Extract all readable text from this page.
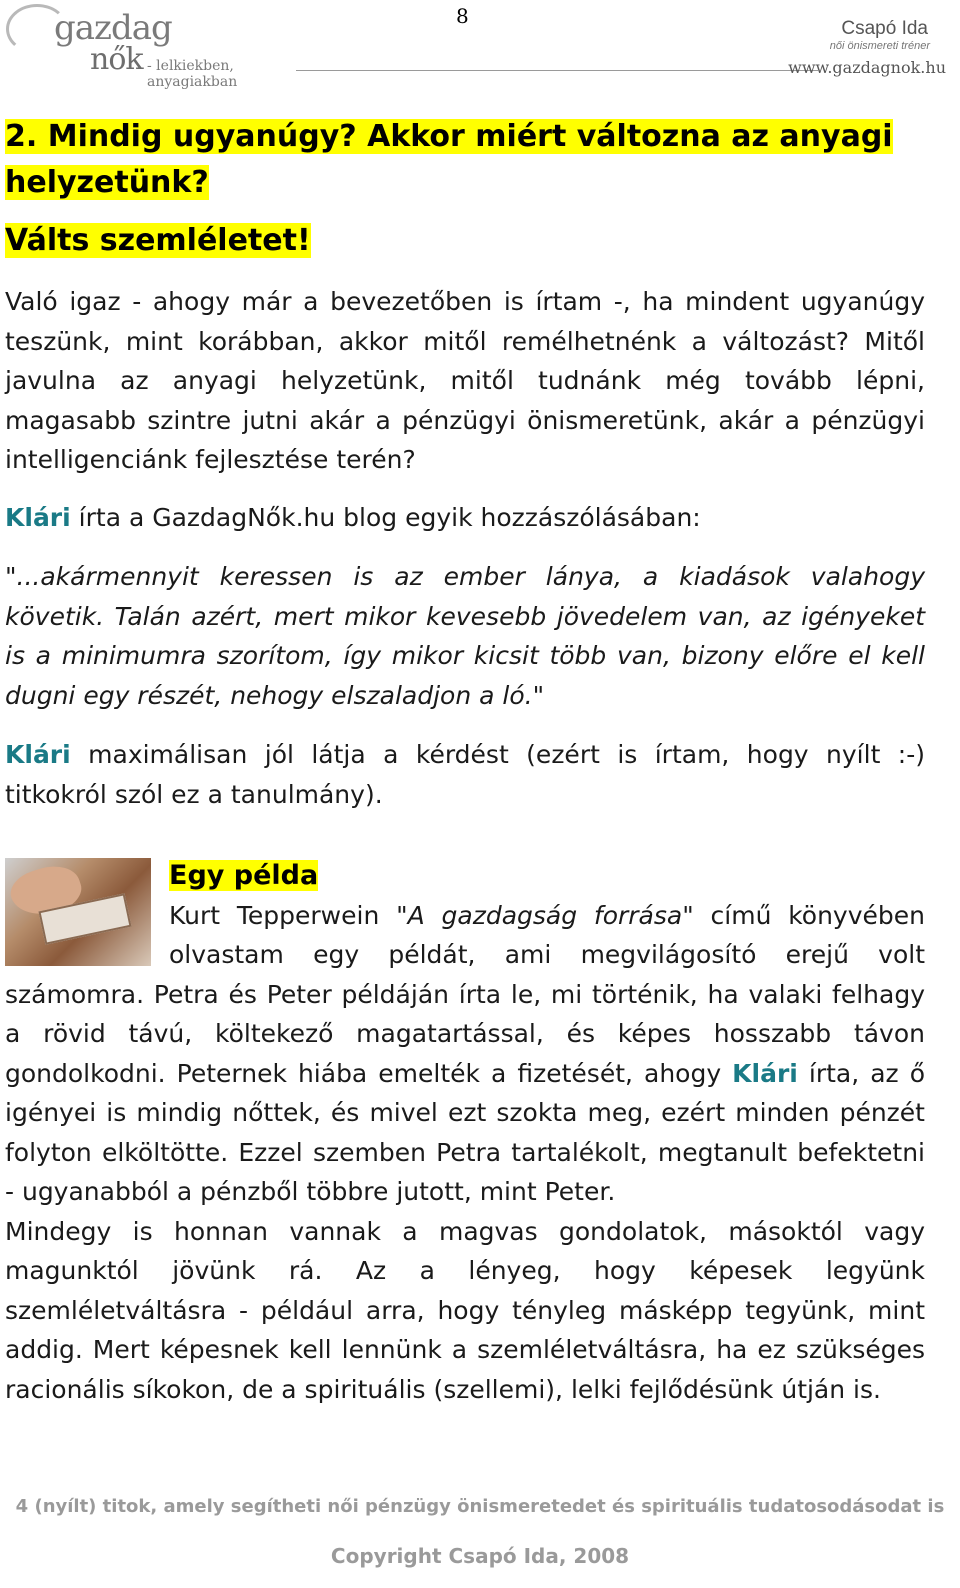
gazdag
nők - lelkiekben, anyagiakban
8
Csapó Ida
női önismereti tréner
www.gazdagnok.hu
2. Mindig ugyanúgy? Akkor miért változna az anyagi helyzetünk?
Válts szemléletet!

Való igaz - ahogy már a bevezetőben is írtam -, ha mindent ugyanúgy teszünk, mint korábban, akkor mitől remélhetnénk a változást? Mitől javulna az anyagi helyzetünk, mitől tudnánk még tovább lépni, magasabb szintre jutni akár a pénzügyi önismeretünk, akár a pénzügyi intelligenciánk fejlesztése terén?

Klári írta a GazdagNők.hu blog egyik hozzászólásában:

"...akármennyit keressen is az ember lánya, a kiadások valahogy követik. Talán azért, mert mikor kevesebb jövedelem van, az igényeket is a minimumra szorítom, így mikor kicsit több van, bizony előre el kell dugni egy részét, nehogy elszaladjon a ló."

Klári maximálisan jól látja a kérdést (ezért is írtam, hogy nyílt :-) titkokról szól ez a tanulmány).

Egy példa

Kurt Tepperwein "A gazdagság forrása" című könyvében olvastam egy példát, ami megvilágosító erejű volt számomra. Petra és Peter példáján írta le, mi történik, ha valaki felhagy a rövid távú, költekező magatartással, és képes hosszabb távon gondolkodni. Peternek hiába emelték a fizetését, ahogy Klári írta, az ő igényei is mindig nőttek, és mivel ezt szokta meg, ezért minden pénzét folyton elköltötte. Ezzel szemben Petra tartalékolt, megtanult befektetni - ugyanabból a pénzből többre jutott, mint Peter.

Mindegy is honnan vannak a magvas gondolatok, másoktól vagy magunktól jövünk rá. Az a lényeg, hogy képesek legyünk szemléletváltásra - például arra, hogy tényleg másképp tegyünk, mint addig. Mert képesnek kell lennünk a szemléletváltásra, ha ez szükséges racionális síkokon, de a spirituális (szellemi), lelki fejlődésünk útján is.

4 (nyílt) titok, amely segítheti női pénzügy önismeretedet és spirituális tudatosodásodat is
Copyright Csapó Ida, 2008
